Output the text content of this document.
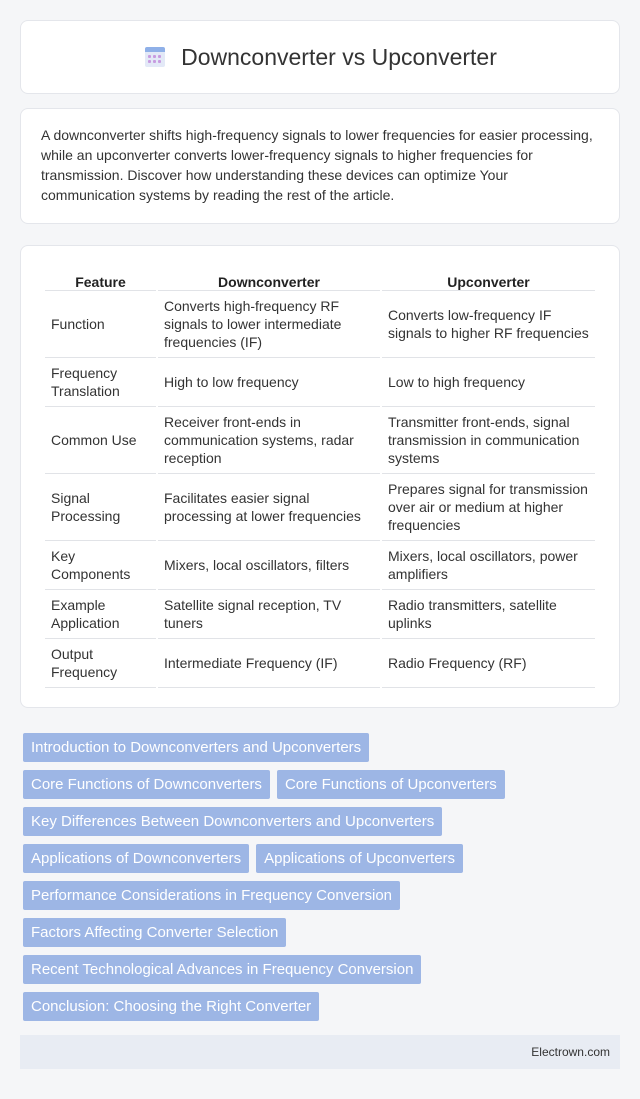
Downconverter vs Upconverter

A downconverter shifts high-frequency signals to lower frequencies for easier processing, while an upconverter converts lower-frequency signals to higher frequencies for transmission. Discover how understanding these devices can optimize Your communication systems by reading the rest of the article.

Feature	Downconverter	Upconverter
Function	Converts high-frequency RF signals to lower intermediate frequencies (IF)	Converts low-frequency IF signals to higher RF frequencies
Frequency Translation	High to low frequency	Low to high frequency
Common Use	Receiver front-ends in communication systems, radar reception	Transmitter front-ends, signal transmission in communication systems
Signal Processing	Facilitates easier signal processing at lower frequencies	Prepares signal for transmission over air or medium at higher frequencies
Key Components	Mixers, local oscillators, filters	Mixers, local oscillators, power amplifiers
Example Application	Satellite signal reception, TV tuners	Radio transmitters, satellite uplinks
Output Frequency	Intermediate Frequency (IF)	Radio Frequency (RF)
Introduction to Downconverters and Upconverters
Core Functions of Downconverters	Core Functions of Upconverters
Key Differences Between Downconverters and Upconverters
Applications of Downconverters	Applications of Upconverters
Performance Considerations in Frequency Conversion
Factors Affecting Converter Selection
Recent Technological Advances in Frequency Conversion
Conclusion: Choosing the Right Converter
Electrown.com
